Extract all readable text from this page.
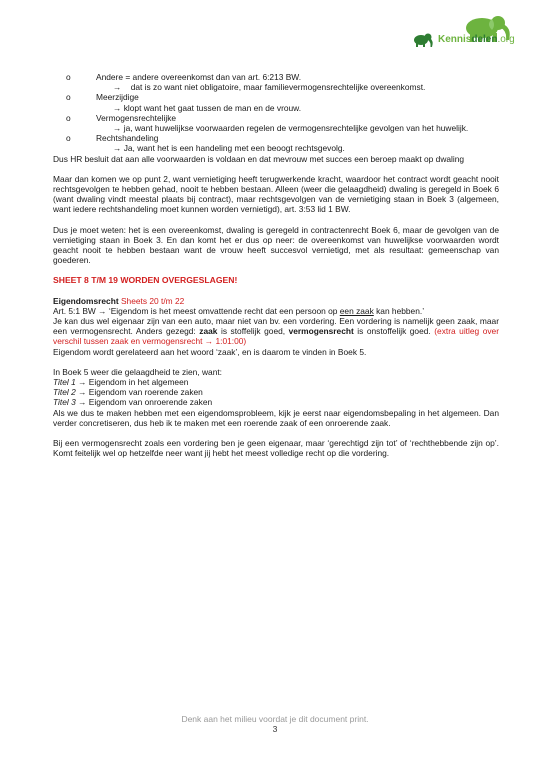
Kennisdelen.org
o	Andere = andere overeenkomst dan van art. 6:213 BW.

→ dat is zo want niet obligatoire, maar familievermogensrechtelijke overeenkomst.

o	Meerzijdige

→ klopt want het gaat tussen de man en de vrouw.

o	Vermogensrechtelijke

→ ja, want huwelijkse voorwaarden regelen de vermogensrechtelijke gevolgen van het huwelijk.

o	Rechtshandeling

→ Ja, want het is een handeling met een beoogt rechtsgevolg.

Dus HR besluit dat aan alle voorwaarden is voldaan en dat mevrouw met succes een beroep maakt op dwaling

Maar dan komen we op punt 2, want vernietiging heeft terugwerkende kracht, waardoor het contract wordt geacht nooit rechtsgevolgen te hebben gehad, nooit te hebben bestaan. Alleen (weer die gelaagdheid) dwaling is geregeld in Boek 6 (want dwaling vindt meestal plaats bij contract), maar rechtsgevolgen van de vernietiging staan in Boek 3 (algemeen, want iedere rechtshandeling moet kunnen worden vernietigd), art. 3:53 lid 1 BW.

Dus je moet weten: het is een overeenkomst, dwaling is geregeld in contractenrecht Boek 6, maar de gevolgen van de vernietiging staan in Boek 3. En dan komt het er dus op neer: de overeenkomst van huwelijkse voorwaarden wordt geacht nooit te hebben bestaan want de vrouw heeft succesvol vernietigd, met als resultaat: gemeenschap van goederen.

SHEET 8 T/M 19 WORDEN OVERGESLAGEN!

Eigendomsrecht Sheets 20 t/m 22

Art. 5:1 BW → ‘Eigendom is het meest omvattende recht dat een persoon op een zaak kan hebben.’

Je kan dus wel eigenaar zijn van een auto, maar niet van bv. een vordering. Een vordering is namelijk geen zaak, maar een vermogensrecht. Anders gezegd: zaak is stoffelijk goed, vermogensrecht is onstoffelijk goed. (extra uitleg over verschil tussen zaak en vermogensrecht → 1:01:00)

Eigendom wordt gerelateerd aan het woord ‘zaak’, en is daarom te vinden in Boek 5.

In Boek 5 weer die gelaagdheid te zien, want:

Titel 1 → Eigendom in het algemeen

Titel 2 → Eigendom van roerende zaken

Titel 3 → Eigendom van onroerende zaken

Als we dus te maken hebben met een eigendomsprobleem, kijk je eerst naar eigendomsbepaling in het algemeen. Dan verder concretiseren, dus heb ik te maken met een roerende zaak of een onroerende zaak.

Bij een vermogensrecht zoals een vordering ben je geen eigenaar, maar ‘gerechtigd zijn tot’ of ‘rechthebbende zijn op’. Komt feitelijk wel op hetzelfde neer want jij hebt het meest volledige recht op die vordering.

Denk aan het milieu voordat je dit document print.
3
